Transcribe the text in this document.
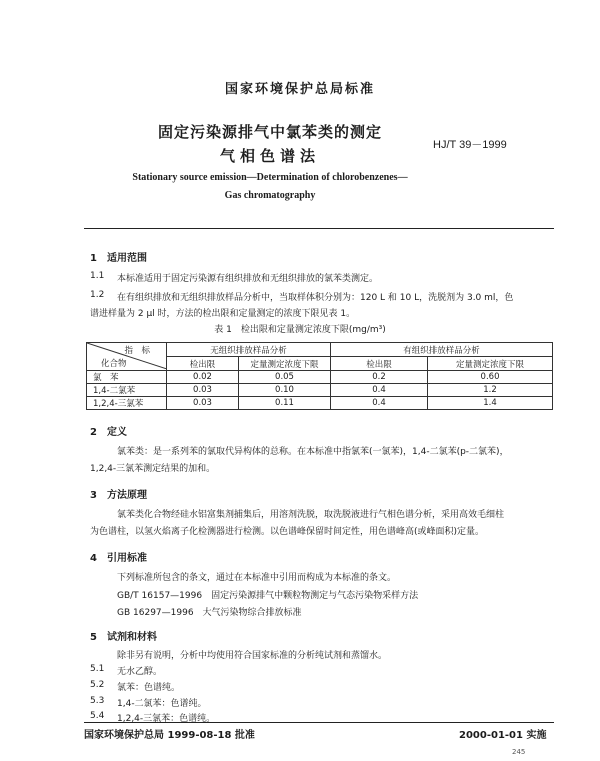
国家环境保护总局标准
固定污染源排气中氯苯类的测定
气相色谱法
HJ/T 39－1999
Stationary source emission—Determination of chlorobenzenes—
Gas chromatography
1　适用范围
1.1 本标准适用于固定污染源有组织排放和无组织排放的氯苯类测定。
1.2 在有组织排放和无组织排放样品分析中，当取样体积分别为：120 L 和 10 L，洗脱剂为 3.0 ml，色
谱进样量为 2 μl 时，方法的检出限和定量测定的浓度下限见表 1。
表 1　检出限和定量测定浓度下限(mg/m³)
指　标
化合物	无组织排放样品分析		有组织排放样品分析	
	检出限	定量测定浓度下限	检出限	定量测定浓度下限
氯　苯	0.02	0.05	0.2	0.60
1,4-二氯苯	0.03	0.10	0.4	1.2
1,2,4-三氯苯	0.03	0.11	0.4	1.4
2　定义
氯苯类：是一系列苯的氯取代异构体的总称。在本标准中指氯苯(一氯苯)，1,4-二氯苯(p-二氯苯)，
1,2,4-三氯苯测定结果的加和。
3　方法原理
氯苯类化合物经硅水铝富集剂捕集后，用溶剂洗脱，取洗脱液进行气相色谱分析，采用高效毛细柱
为色谱柱，以氢火焰离子化检测器进行检测。以色谱峰保留时间定性，用色谱峰高(或峰面积)定量。
4　引用标准
下列标准所包含的条文，通过在本标准中引用而构成为本标准的条文。
GB/T 16157—1996　固定污染源排气中颗粒物测定与气态污染物采样方法
GB 16297—1996　大气污染物综合排放标准
5　试剂和材料
除非另有说明，分析中均使用符合国家标准的分析纯试剂和蒸馏水。
5.1 无水乙醇。
5.2 氯苯：色谱纯。
5.3 1,4-二氯苯：色谱纯。
5.4 1,2,4-三氯苯：色谱纯。
国家环境保护总局 1999-08-18 批准	2000-01-01 实施
245
